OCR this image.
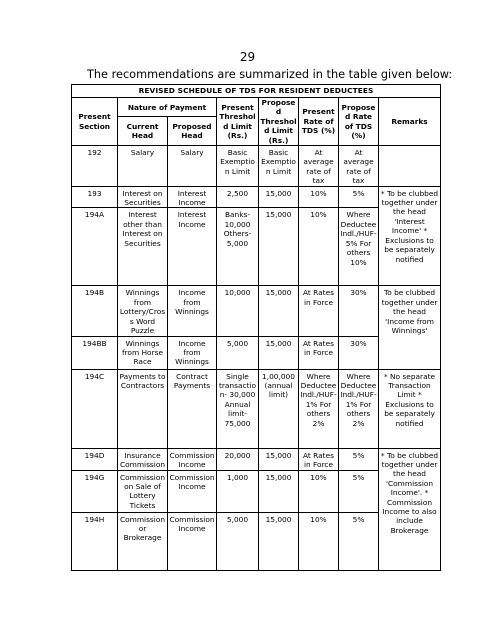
29
The recommendations are summarized in the table given below:
REVISED SCHEDULE OF TDS FOR RESIDENT DEDUCTEES							
Present Section	Nature of Payment		Present Threshold Limit (Rs.)	Proposed Threshold Limit (Rs.)	Present Rate of TDS (%)	Proposed Rate of TDS (%)	Remarks
	Current Head	Proposed Head					
192	Salary	Salary	Basic Exemption Limit	Basic Exemption Limit	At average rate of tax	At average rate of tax	
193	Interest on Securities	Interest Income	2,500	15,000	10%	5%	* To be clubbed together under the head 'Interest Income' * Exclusions to be separately notified
194A	Interest other than Interest on Securities	Interest Income	Banks- 10,000 Others- 5,000	15,000	10%	Where Deductee Indl./HUF- 5% For others 10%	
194B	Winnings from Lottery/Cross Word Puzzle	Income from Winnings	10,000	15,000	At Rates in Force	30%	To be clubbed together under the head 'Income from Winnings'
194BB	Winnings from Horse Race	Income from Winnings	5,000	15,000	At Rates in Force	30%	
194C	Payments to Contractors	Contract Payments	Single transaction- 30,000 Annual limit- 75,000	1,00,000 (annual limit)	Where Deductee Indl./HUF- 1% For others 2%	Where Deductee Indl./HUF- 1% For others 2%	* No separate Transaction Limit * Exclusions to be separately notified
194D	Insurance Commission	Commission Income	20,000	15,000	At Rates in Force	5%	* To be clubbed together under the head 'Commission Income'. * Commission Income to also include Brokerage
194G	Commission on Sale of Lottery Tickets	Commission Income	1,000	15,000	10%	5%	
194H	Commission or Brokerage	Commission Income	5,000	15,000	10%	5%	
